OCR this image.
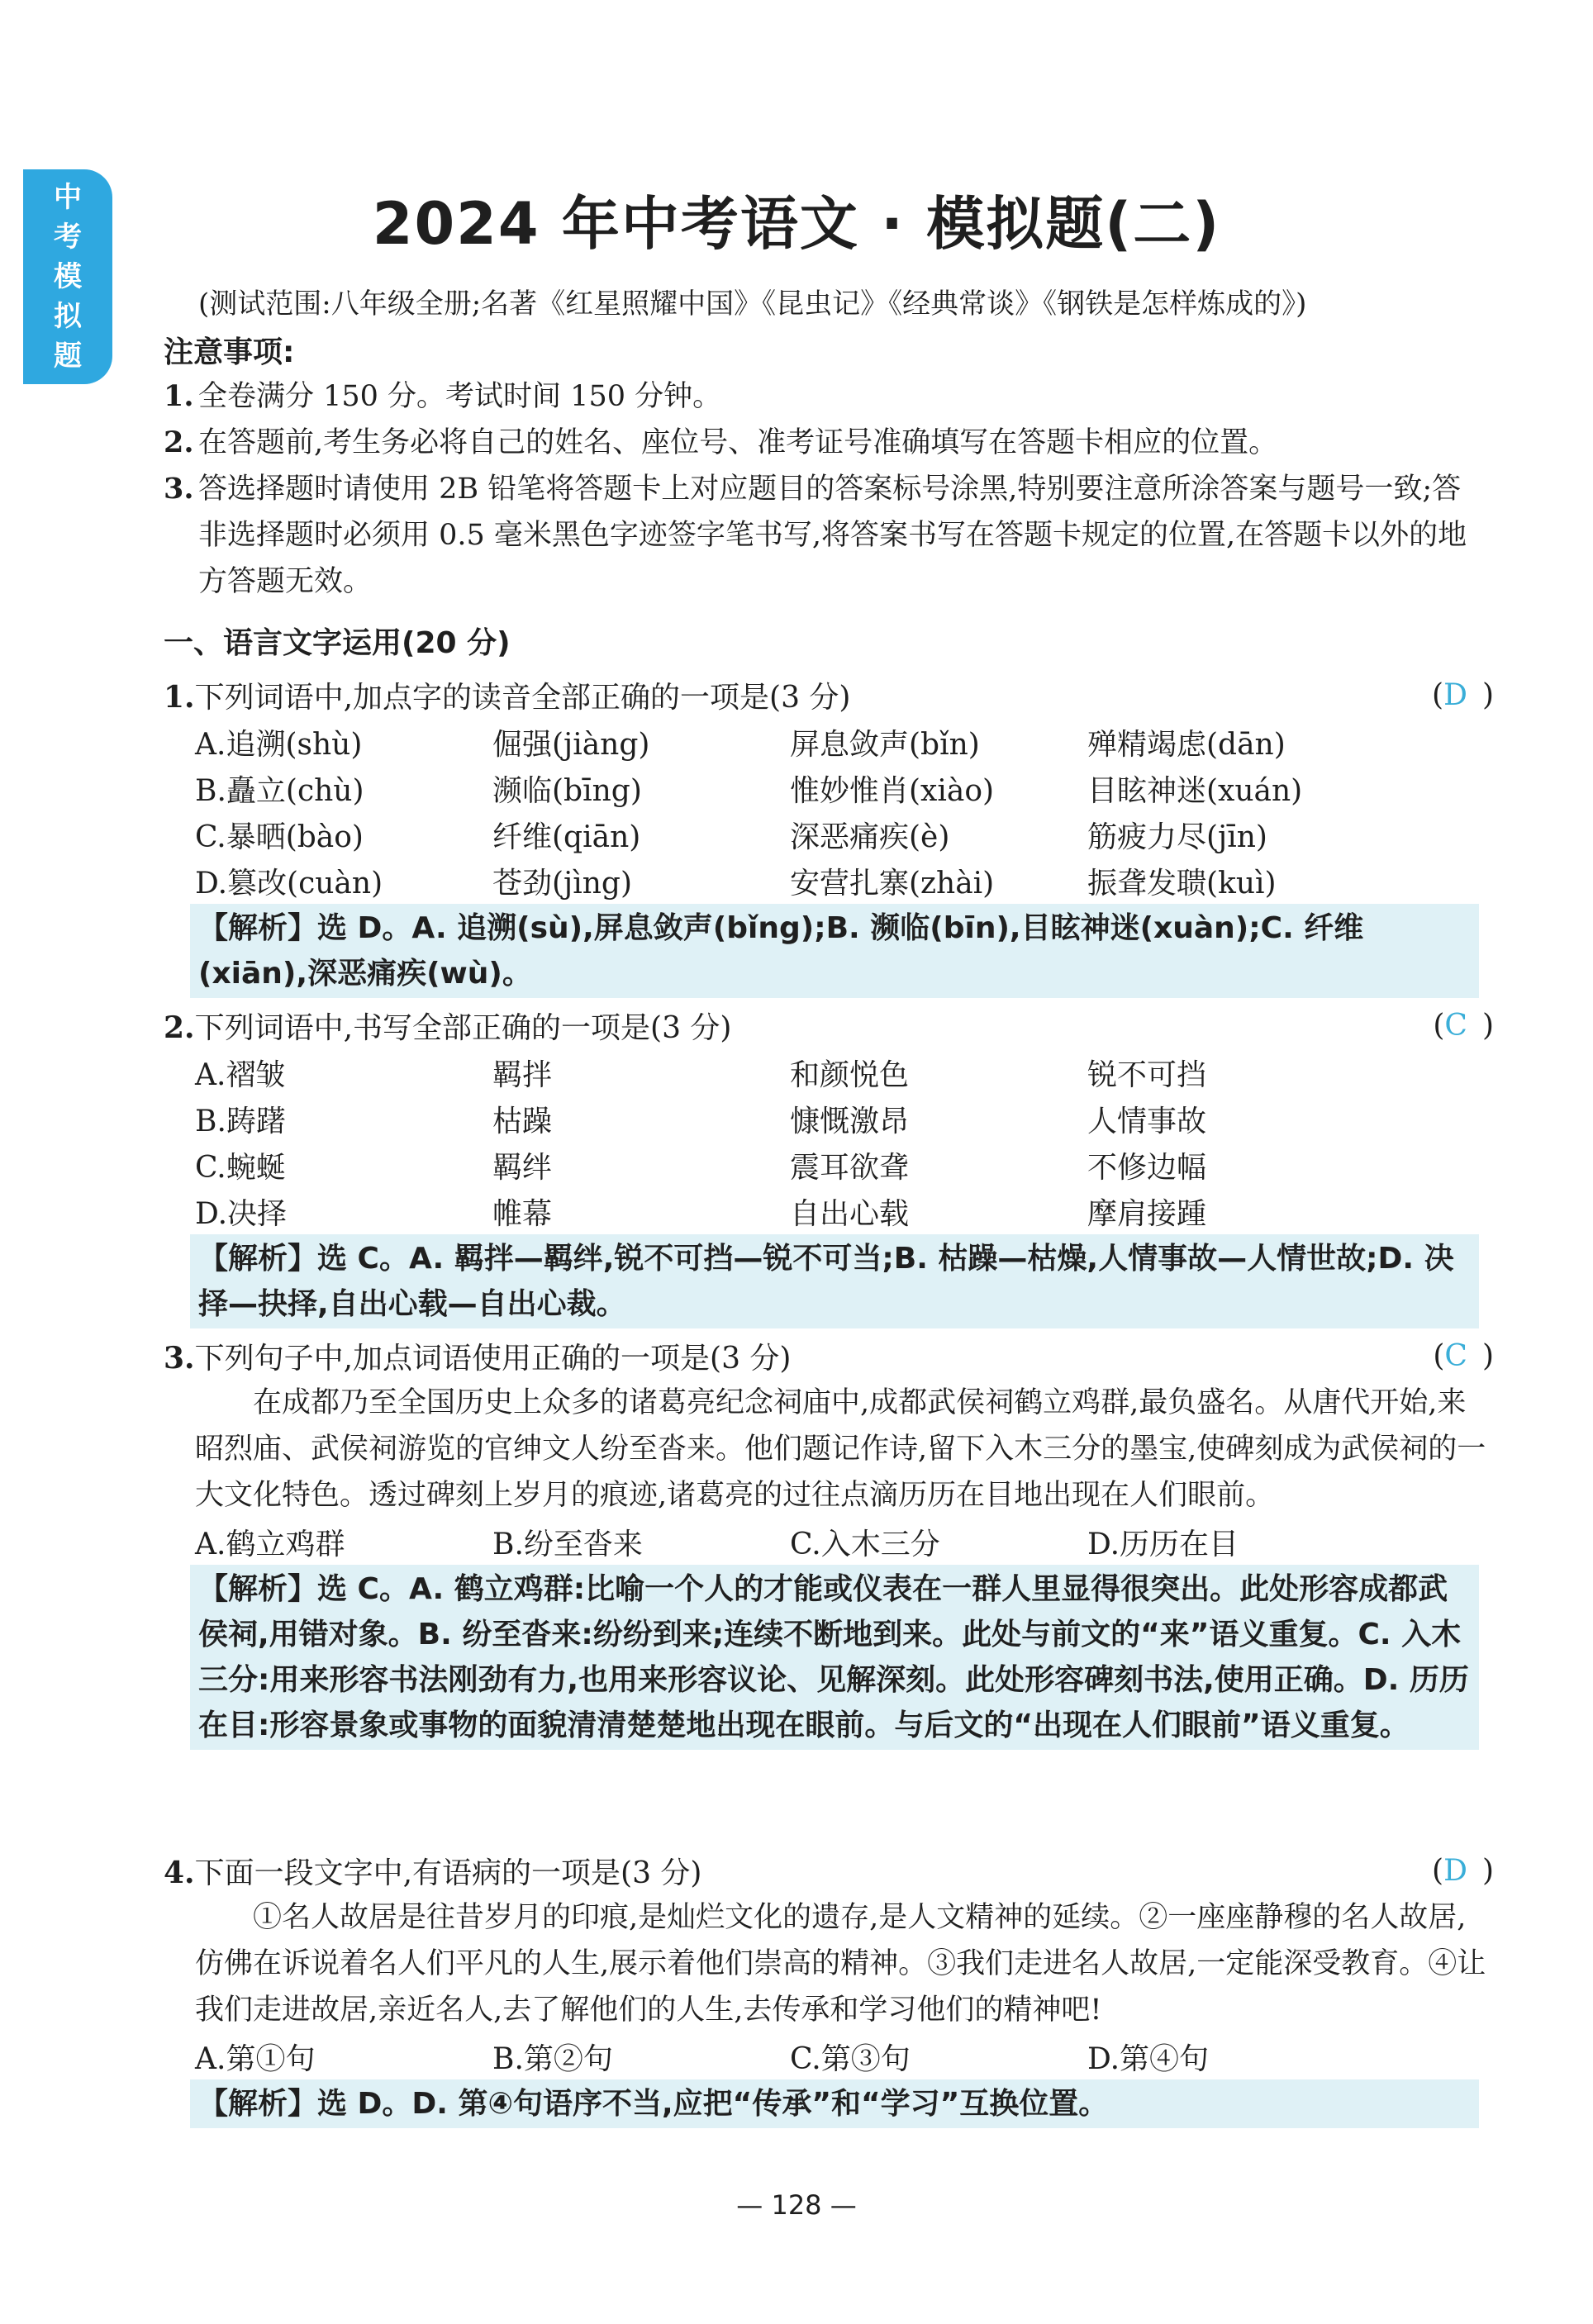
中考模拟题
2024 年中考语文 · 模拟题(二)
(测试范围:八年级全册;名著《红星照耀中国》《昆虫记》《经典常谈》《钢铁是怎样炼成的》)
注意事项:
1. 全卷满分 150 分。考试时间 150 分钟。
2. 在答题前,考生务必将自己的姓名、座位号、准考证号准确填写在答题卡相应的位置。
3. 答选择题时请使用 2B 铅笔将答题卡上对应题目的答案标号涂黑,特别要注意所涂答案与题号一致;答非选择题时必须用 0.5 毫米黑色字迹签字笔书写,将答案书写在答题卡规定的位置,在答题卡以外的地方答题无效。
一、语言文字运用(20 分)
1.下列词语中,加点字的读音全部正确的一项是(3 分)	(D)
A.追溯(shù)	倔强(jiàng)	屏息敛声(bǐn)	殚精竭虑(dān)
B.矗立(chù)	濒临(bīng)	惟妙惟肖(xiào)	目眩神迷(xuán)
C.暴晒(bào)	纤维(qiān)	深恶痛疾(è)	筋疲力尽(jīn)
D.篡改(cuàn)	苍劲(jìng)	安营扎寨(zhài)	振聋发聩(kuì)
【解析】选 D。A. 追溯(sù),屏息敛声(bǐng);B. 濒临(bīn),目眩神迷(xuàn);C. 纤维(xiān),深恶痛疾(wù)。
2.下列词语中,书写全部正确的一项是(3 分)	(C)
A.褶皱	羁拌	和颜悦色	锐不可挡
B.踌躇	枯躁	慷慨激昂	人情事故
C.蜿蜒	羁绊	震耳欲聋	不修边幅
D.决择	帷幕	自出心载	摩肩接踵
【解析】选 C。A. 羁拌—羁绊,锐不可挡—锐不可当;B. 枯躁—枯燥,人情事故—人情世故;D. 决择—抉择,自出心载—自出心裁。
3.下列句子中,加点词语使用正确的一项是(3 分)	(C)
在成都乃至全国历史上众多的诸葛亮纪念祠庙中,成都武侯祠鹤立鸡群,最负盛名。从唐代开始,来昭烈庙、武侯祠游览的官绅文人纷至沓来。他们题记作诗,留下入木三分的墨宝,使碑刻成为武侯祠的一大文化特色。透过碑刻上岁月的痕迹,诸葛亮的过往点滴历历在目地出现在人们眼前。
A.鹤立鸡群	B.纷至沓来	C.入木三分	D.历历在目
【解析】选 C。A. 鹤立鸡群:比喻一个人的才能或仪表在一群人里显得很突出。此处形容成都武侯祠,用错对象。B. 纷至沓来:纷纷到来;连续不断地到来。此处与前文的“来”语义重复。C. 入木三分:用来形容书法刚劲有力,也用来形容议论、见解深刻。此处形容碑刻书法,使用正确。D. 历历在目:形容景象或事物的面貌清清楚楚地出现在眼前。与后文的“出现在人们眼前”语义重复。
4.下面一段文字中,有语病的一项是(3 分)	(D)
①名人故居是往昔岁月的印痕,是灿烂文化的遗存,是人文精神的延续。②一座座静穆的名人故居,仿佛在诉说着名人们平凡的人生,展示着他们崇高的精神。③我们走进名人故居,一定能深受教育。④让我们走进故居,亲近名人,去了解他们的人生,去传承和学习他们的精神吧!
A.第①句	B.第②句	C.第③句	D.第④句
【解析】选 D。D. 第④句语序不当,应把“传承”和“学习”互换位置。
— 128 —
